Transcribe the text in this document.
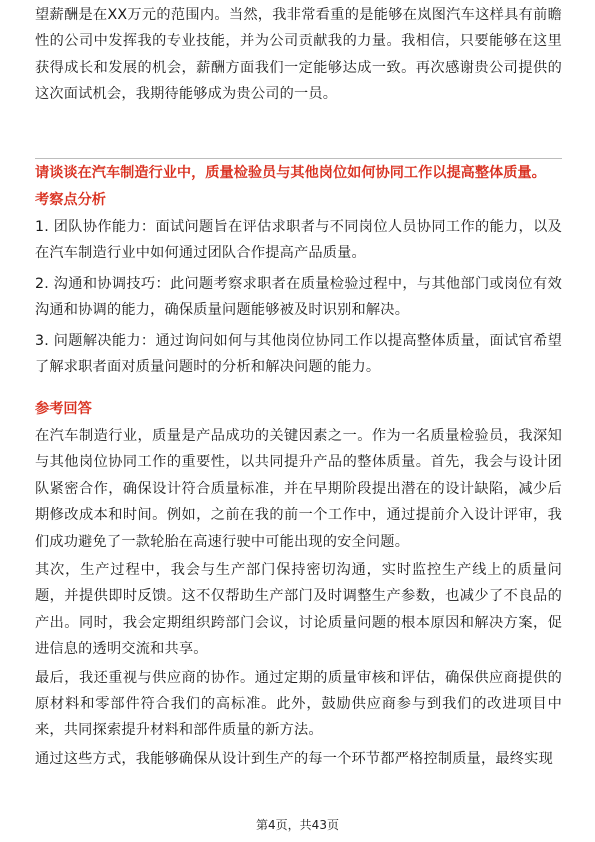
望薪酬是在XX万元的范围内。当然，我非常看重的是能够在岚图汽车这样具有前瞻性的公司中发挥我的专业技能，并为公司贡献我的力量。我相信，只要能够在这里获得成长和发展的机会，薪酬方面我们一定能够达成一致。再次感谢贵公司提供的这次面试机会，我期待能够成为贵公司的一员。

请谈谈在汽车制造行业中，质量检验员与其他岗位如何协同工作以提高整体质量。

考察点分析

1. 团队协作能力：面试问题旨在评估求职者与不同岗位人员协同工作的能力，以及在汽车制造行业中如何通过团队合作提高产品质量。

2. 沟通和协调技巧：此问题考察求职者在质量检验过程中，与其他部门或岗位有效沟通和协调的能力，确保质量问题能够被及时识别和解决。

3. 问题解决能力：通过询问如何与其他岗位协同工作以提高整体质量，面试官希望了解求职者面对质量问题时的分析和解决问题的能力。

参考回答

在汽车制造行业，质量是产品成功的关键因素之一。作为一名质量检验员，我深知与其他岗位协同工作的重要性，以共同提升产品的整体质量。首先，我会与设计团队紧密合作，确保设计符合质量标准，并在早期阶段提出潜在的设计缺陷，减少后期修改成本和时间。例如，之前在我的前一个工作中，通过提前介入设计评审，我们成功避免了一款轮胎在高速行驶中可能出现的安全问题。

其次，生产过程中，我会与生产部门保持密切沟通，实时监控生产线上的质量问题，并提供即时反馈。这不仅帮助生产部门及时调整生产参数，也减少了不良品的产出。同时，我会定期组织跨部门会议，讨论质量问题的根本原因和解决方案，促进信息的透明交流和共享。

最后，我还重视与供应商的协作。通过定期的质量审核和评估，确保供应商提供的原材料和零部件符合我们的高标准。此外，鼓励供应商参与到我们的改进项目中来，共同探索提升材料和部件质量的新方法。

通过这些方式，我能够确保从设计到生产的每一个环节都严格控制质量，最终实现

第4页，共43页
